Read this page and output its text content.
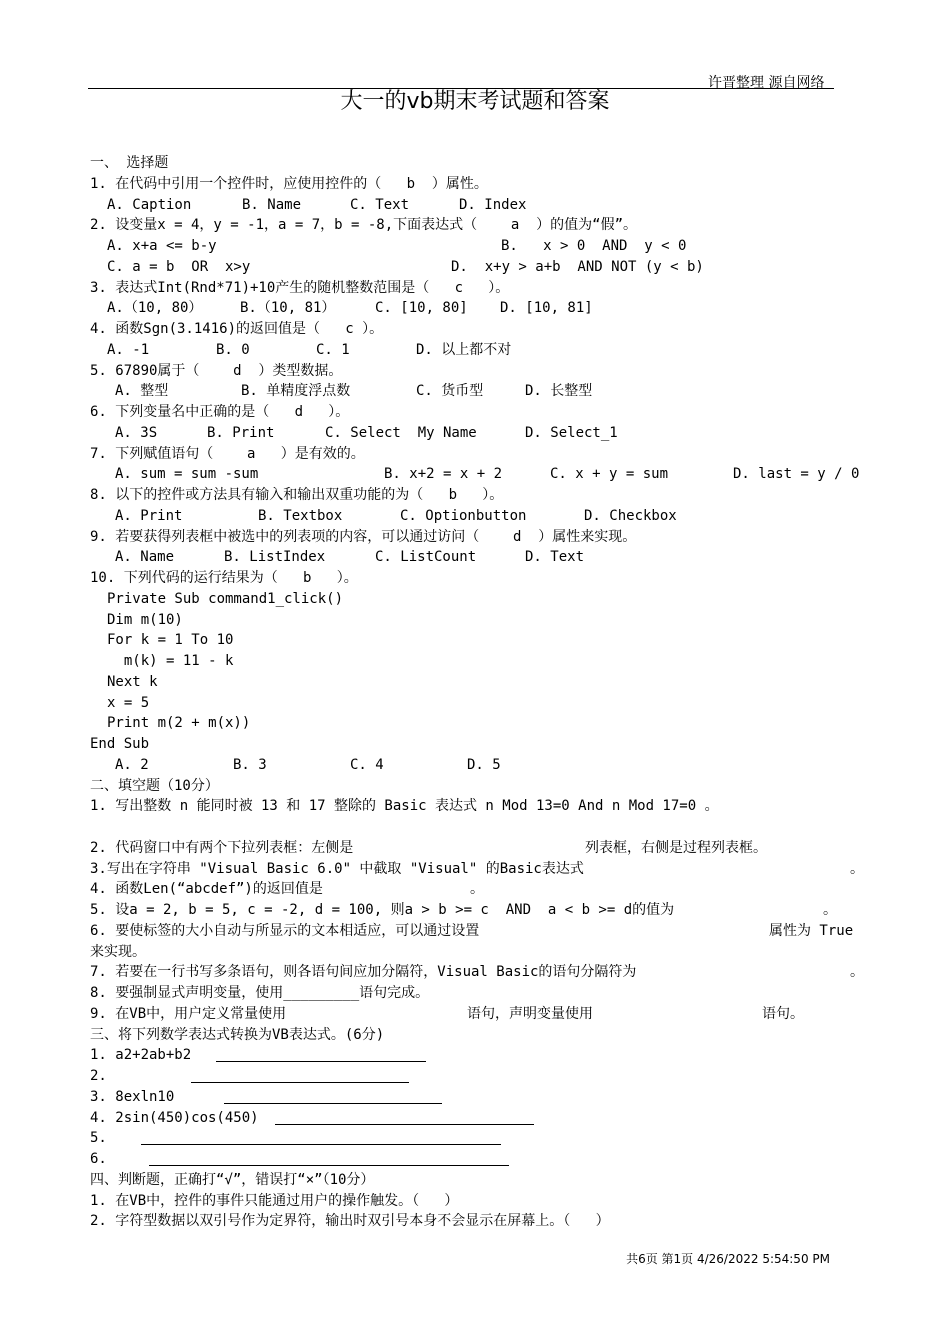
许晋整理 源自网络
大一的vb期末考试题和答案
一、 选择题
1. 在代码中引用一个控件时，应使用控件的（   b  ）属性。

A. Caption

	B. Name

	C. Text

	D. Index

2. 设变量x = 4，y = -1，a = 7，b = -8,下面表达式（    a  ）的值为“假”。

A. x+a <= b-y

	B.   x > 0  AND  y < 0

C. a = b  OR  x>y

	D.  x+y > a+b  AND NOT (y < b)

3. 表达式Int(Rnd*71)+10产生的随机整数范围是（   c   ）。

A.（10, 80）

	B.（10, 81）

	C. [10, 80]

D. [10, 81]

4. 函数Sgn(3.1416)的返回值是（   c ）。

A. -1

	B. 0

	C. 1

	D. 以上都不对

5. 67890属于（    d  ）类型数据。

A. 整型

	B. 单精度浮点数

	C. 货币型

	D. 长整型

6. 下列变量名中正确的是（   d   ）。

A. 3S

	B. Print

	C. Select  My Name

	D. Select_1

7. 下列赋值语句（    a   ）是有效的。

A. sum = sum -sum

	B. x+2 = x + 2

	C. x + y = sum

	D. last = y / 0

8. 以下的控件或方法具有输入和输出双重功能的为（   b   ）。

A. Print

	B. Textbox

	C. Optionbutton

	D. Checkbox

9. 若要获得列表框中被选中的列表项的内容，可以通过访问（    d  ）属性来实现。

A. Name

	B. ListIndex

	C. ListCount

	D. Text

10. 下列代码的运行结果为（   b   ）。
Private Sub command1_click()
Dim m(10)
For k = 1 To 10
m(k) = 11 - k
Next k
x = 5
Print m(2 + m(x))
End Sub

A. 2

	B. 3

	C. 4

	D. 5

二、填空题（10分）
1. 写出整数 n 能同时被 13 和 17 整除的 Basic 表达式 n Mod 13=0 And n Mod 17=0 。

2. 代码窗口中有两个下拉列表框：左侧是

	列表框，右侧是过程列表框。

3.写出在字符串 "Visual Basic 6.0" 中截取 "Visual" 的Basic表达式

	。

4. 函数Len(“abcdef”)的返回值是

	。

5. 设a = 2, b = 5, c = -2, d = 100, 则a > b >= c  AND  a < b >= d的值为

	。

6. 要使标签的大小自动与所显示的文本相适应，可以通过设置

	属性为 True

来实现。

7. 若要在一行书写多条语句，则各语句间应加分隔符，Visual Basic的语句分隔符为

	。

8. 要强制显式声明变量，使用_________语句完成。

9. 在VB中，用户定义常量使用

	语句，声明变量使用

	语句。

三、将下列数学表达式转换为VB表达式。(6分)

1. a2+2ab+b2

2.

3. 8exln10

4. 2sin(450)cos(450)

5.

6.

四、判断题，正确打“√”，错误打“×”（10分）
1. 在VB中，控件的事件只能通过用户的操作触发。（   ）
2. 字符型数据以双引号作为定界符，输出时双引号本身不会显示在屏幕上。（   ）
共6页 第1页 4/26/2022 5:54:50 PM
